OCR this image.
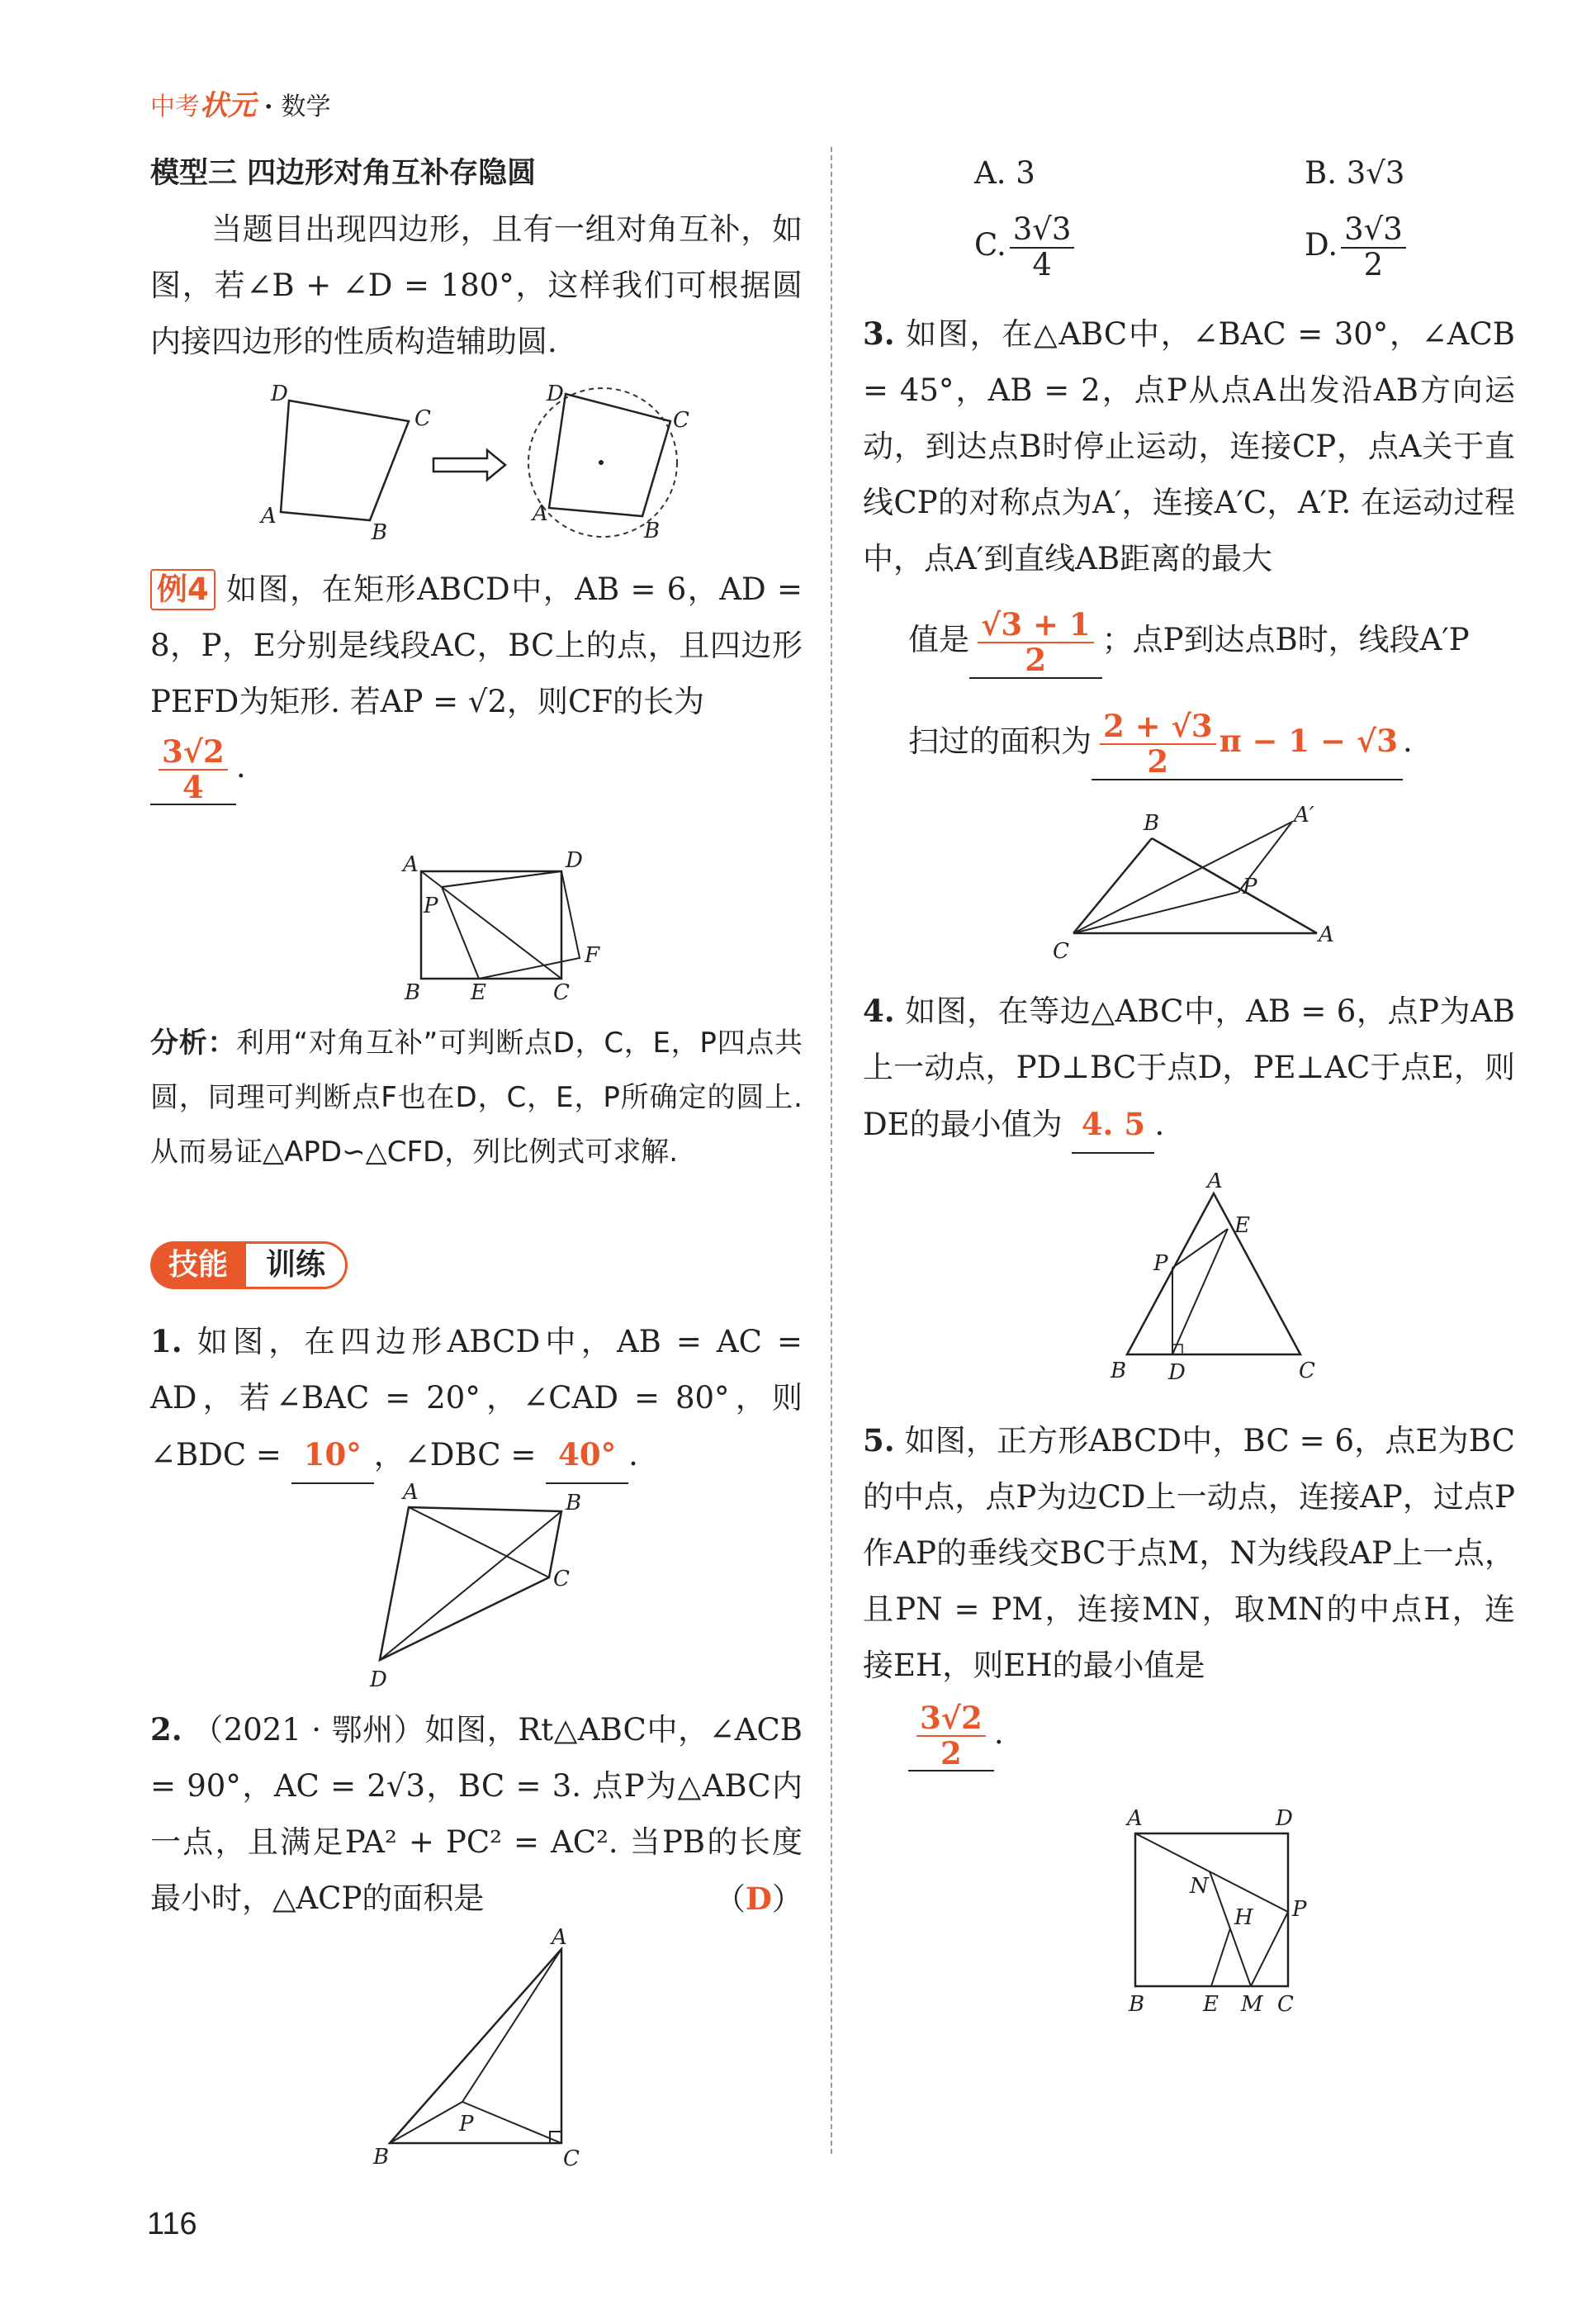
中考状元 · 数学
模型三 四边形对角互补存隐圆
当题目出现四边形，且有一组对角互补，如图，若∠B + ∠D = 180°，这样我们可根据圆内接四边形的性质构造辅助圆.
D
C
A
B
D
C
A
B
例4 如图，在矩形ABCD中，AB = 6，AD = 8，P，E分别是线段AC，BC上的点，且四边形PEFD为矩形. 若AP = √2，则CF的长为
$\frac{3√2}{4}$ .
A	D
P
F
B E	C
分析：利用“对角互补”可判断点D，C，E，P四点共圆，同理可判断点F也在D，C，E，P所确定的圆上. 从而易证△APD∽△CFD，列比例式可求解.
技能	训练
1. 如图，在四边形ABCD中，AB = AC = AD，若∠BAC = 20°，∠CAD = 80°，则∠BDC = 10° ，∠DBC = 40° .
A	B
C
D
2. （2021 · 鄂州）如图，Rt△ABC中，∠ACB = 90°，AC = 2√3，BC = 3. 点P为△ABC内一点，且满足PA² + PC² = AC². 当PB的长度最小时，△ACP的面积是	（D）
A
P
B	C
A. 3	B. 3√3
C. $\frac{3√3}{4}$	D. $\frac{3√3}{2}$
3. 如图，在△ABC中，∠BAC = 30°，∠ACB = 45°，AB = 2，点P从点A出发沿AB方向运动，到达点B时停止运动，连接CP，点A关于直线CP的对称点为A′，连接A′C，A′P. 在运动过程中，点A′到直线AB距离的最大
值是 $\frac{√3 + 1}{2}$ ；点P到达点B时，线段A′P
扫过的面积为 $\frac{2 + √3}{2}$ π − 1 − √3 .
B	A′
P
C
A
4. 如图，在等边△ABC中，AB = 6，点P为AB上一动点，PD⊥BC于点D，PE⊥AC于点E，则DE的最小值为 4. 5 .
A
E
P
B D	C
5. 如图，正方形ABCD中，BC = 6，点E为BC的中点，点P为边CD上一动点，连接AP，过点P作AP的垂线交BC于点M，N为线段AP上一点，且PN = PM，连接MN，取MN的中点H，连接EH，则EH的最小值是
$\frac{3√2}{2}$ .
A	D
N
P
H
B	E M C
116
